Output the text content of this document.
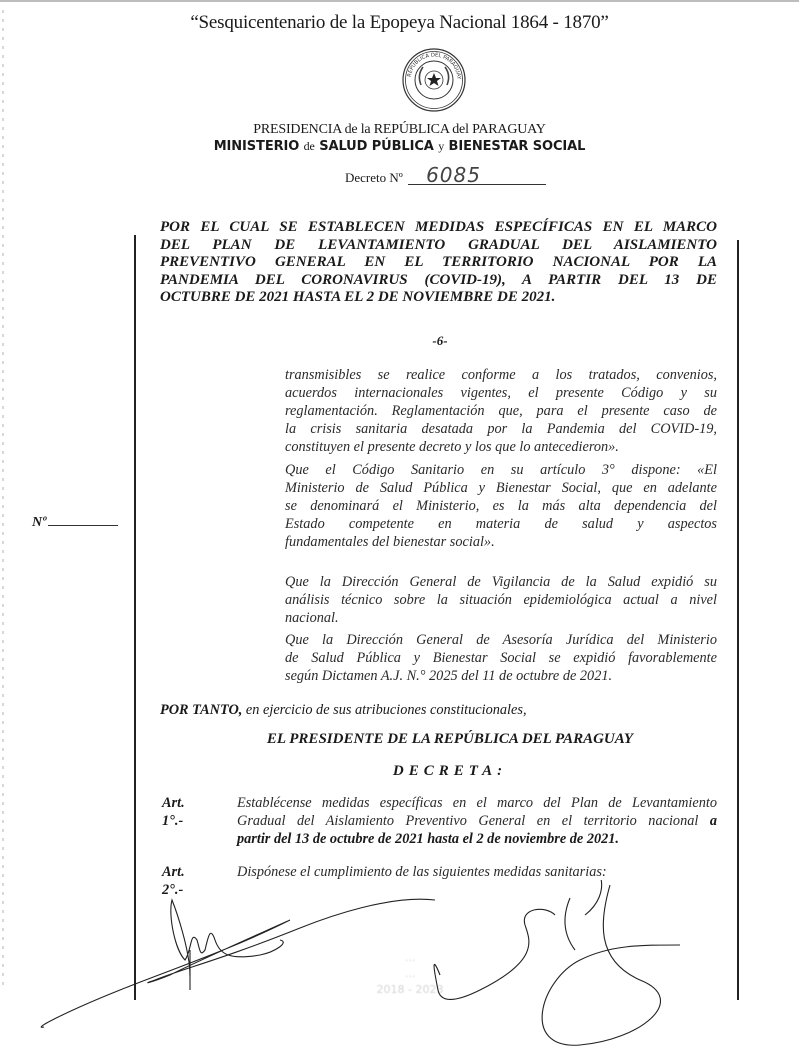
“Sesquicentenario de la Epopeya Nacional 1864 - 1870”
REPÚBLICA DEL PARAGUAY
PRESIDENCIA de la REPÚBLICA del PARAGUAY
MINISTERIO de SALUD PÚBLICA y BIENESTAR SOCIAL
Decreto Nº 6085
POR EL CUAL SE ESTABLECEN MEDIDAS ESPECÍFICAS EN EL MARCO
DEL PLAN DE LEVANTAMIENTO GRADUAL DEL AISLAMIENTO
PREVENTIVO GENERAL EN EL TERRITORIO NACIONAL POR LA
PANDEMIA DEL CORONAVIRUS (COVID-19), A PARTIR DEL 13 DE
OCTUBRE DE 2021 HASTA EL 2 DE NOVIEMBRE DE 2021.
-6-
Nº
transmisibles se realice conforme a los tratados, convenios,
acuerdos internacionales vigentes, el presente Código y su
reglamentación. Reglamentación que, para el presente caso de
la crisis sanitaria desatada por la Pandemia del COVID-19,
constituyen el presente decreto y los que lo antecedieron».
Que el Código Sanitario en su artículo 3° dispone: «El
Ministerio de Salud Pública y Bienestar Social, que en adelante
se denominará el Ministerio, es la más alta dependencia del
Estado competente en materia de salud y aspectos
fundamentales del bienestar social».
Que la Dirección General de Vigilancia de la Salud expidió su
análisis técnico sobre la situación epidemiológica actual a nivel
nacional.
Que la Dirección General de Asesoría Jurídica del Ministerio
de Salud Pública y Bienestar Social se expidió favorablemente
según Dictamen A.J. N.° 2025 del 11 de octubre de 2021.
POR TANTO, en ejercicio de sus atribuciones constitucionales,
EL PRESIDENTE DE LA REPÚBLICA DEL PARAGUAY
DECRETA:
Art. 1°.-
Establécense medidas específicas en el marco del Plan de Levantamiento
Gradual del Aislamiento Preventivo General en el territorio nacional a
partir del 13 de octubre de 2021 hasta el 2 de noviembre de 2021.
Art. 2°.-
Dispónese el cumplimiento de las siguientes medidas sanitarias:
...
...
2018 - 2023
